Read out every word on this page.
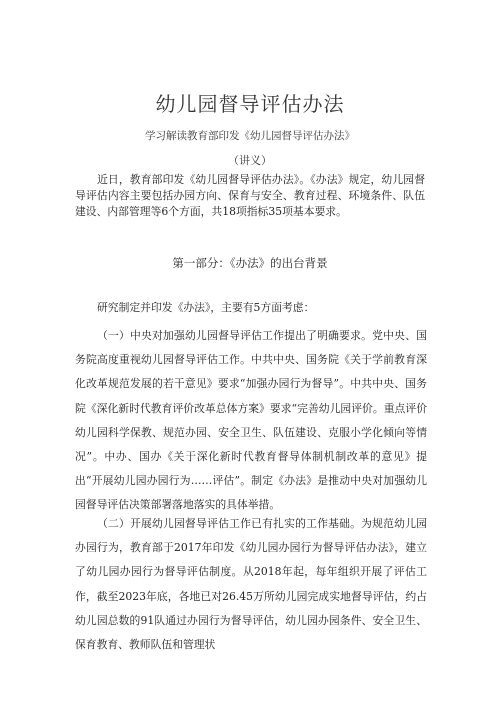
幼儿园督导评估办法
学习解读教育部印发《幼儿园督导评估办法》
（讲义）

近日，教育部印发《幼儿园督导评估办法》。《办法》规定，幼儿园督导评估内容主要包括办园方向、保育与安全、教育过程、环境条件、队伍建设、内部管理等6个方面，共18项指标35项基本要求。

第一部分：《办法》的出台背景

研究制定并印发《办法》，主要有5方面考虑：

（一）中央对加强幼儿园督导评估工作提出了明确要求。党中央、国务院高度重视幼儿园督导评估工作。中共中央、国务院《关于学前教育深化改革规范发展的若干意见》要求“加强办园行为督导”。中共中央、国务院《深化新时代教育评价改革总体方案》要求“完善幼儿园评价。重点评价幼儿园科学保教、规范办园、安全卫生、队伍建设、克服小学化倾向等情况”。中办、国办《关于深化新时代教育督导体制机制改革的意见》提出“开展幼儿园办园行为……评估”。制定《办法》是推动中央对加强幼儿园督导评估决策部署落地落实的具体举措。

（二）开展幼儿园督导评估工作已有扎实的工作基础。为规范幼儿园办园行为，教育部于2017年印发《幼儿园办园行为督导评估办法》，建立了幼儿园办园行为督导评估制度。从2018年起，每年组织开展了评估工作，截至2023年底，各地已对26.45万所幼儿园完成实地督导评估，约占幼儿园总数的91队通过办园行为督导评估，幼儿园办园条件、安全卫生、保育教育、教师队伍和管理状
